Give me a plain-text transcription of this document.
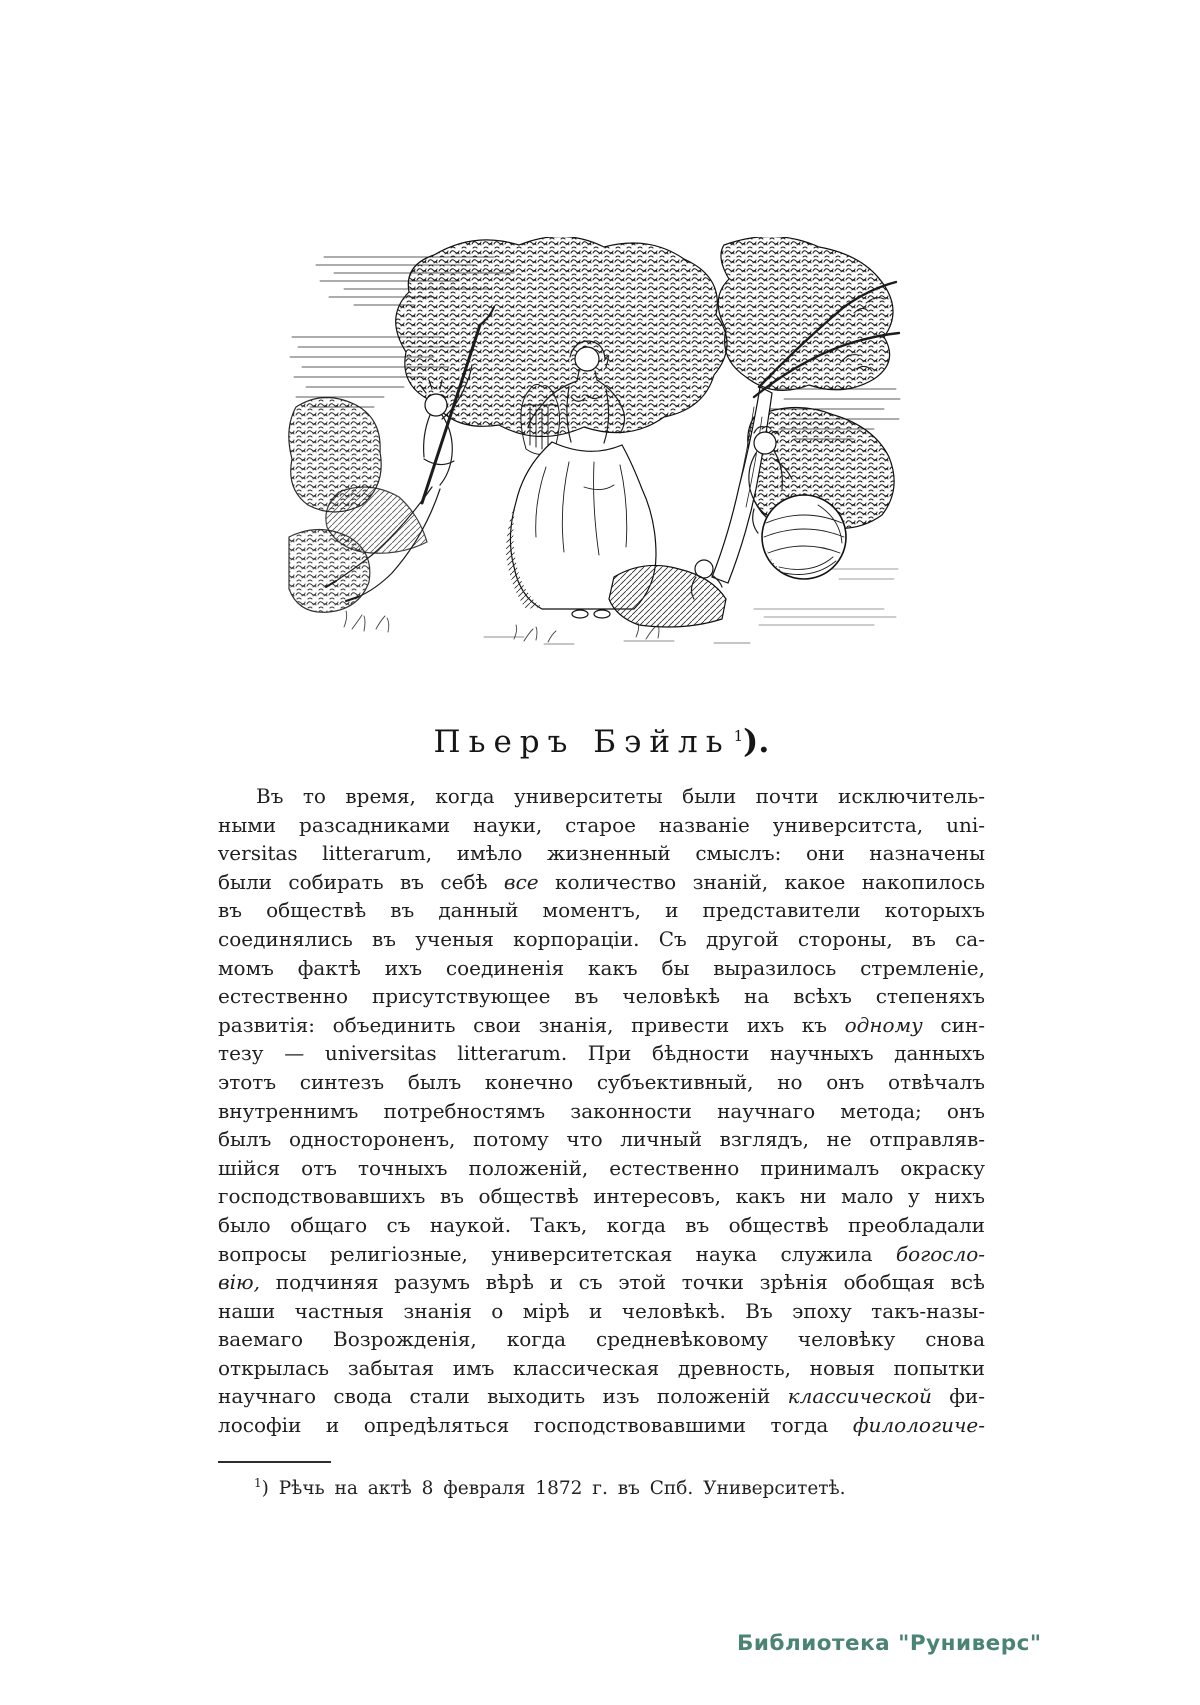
Пьеръ Бэйль $^1$).
Въ то время, когда университеты были почти исключитель-
ными разсадниками науки, старое названіе университста, uni-
versitas litterarum, имѣло жизненный смыслъ: они назначены
были собирать въ себѣ все количество знаній, какое накопилось
въ обществѣ въ данный моментъ, и представители которыхъ
соединялись въ ученыя корпораціи. Съ другой стороны, въ са-
момъ фактѣ ихъ соединенія какъ бы выразилось стремленіе,
естественно присутствующее въ человѣкѣ на всѣхъ степеняхъ
развитія: объединить свои знанія, привести ихъ къ одному син-
тезу — universitas litterarum. При бѣдности научныхъ данныхъ
этотъ синтезъ былъ конечно субъективный, но онъ отвѣчалъ
внутреннимъ потребностямъ законности научнаго метода; онъ
былъ одностороненъ, потому что личный взглядъ, не отправляв-
шійся отъ точныхъ положеній, естественно принималъ окраску
господствовавшихъ въ обществѣ интересовъ, какъ ни мало у нихъ
было общаго съ наукой. Такъ, когда въ обществѣ преобладали
вопросы религіозные, университетская наука служила богосло-
вію, подчиняя разумъ вѣрѣ и съ этой точки зрѣнія обобщая всѣ
наши частныя знанія о мірѣ и человѣкѣ. Въ эпоху такъ-назы-
ваемаго Возрожденія, когда средневѣковому человѣку снова
открылась забытая имъ классическая древность, новыя попытки
научнаго свода стали выходить изъ положеній классической фи-
лософіи и опредѣляться господствовавшими тогда филологиче-
$^1$) Рѣчь на актѣ 8 февраля 1872 г. въ Спб. Университетѣ.
Библиотека "Руниверс"
